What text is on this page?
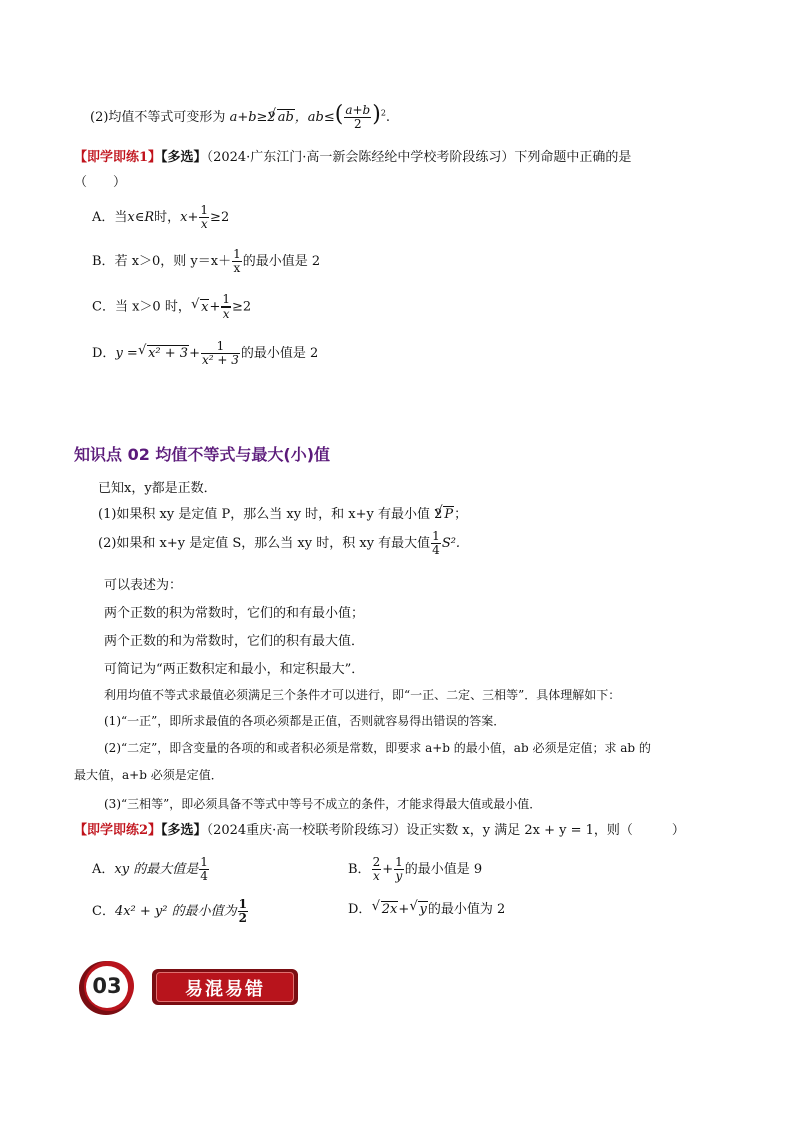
(2)均值不等式可变形为 a+b≥2 √ ab，$ab\le( \frac{a+b}{2} )^2$.
【即学即练1】【多选】（2024·广东江门·高一新会陈经纶中学校考阶段练习）下列命题中正确的是
（　　）
A．当x∈R时，$x+ \frac{1}{x} \ge 2$
B．若 x＞0，则 $y=x+ \frac{1}{x}$ 的最小值是 2
C．当 x＞0 时， √ $x+ \frac{1}{x} \ge 2$
D．y = √ $x^2 + 3+ \frac{1}{\text{x² + 3}}$ 的最小值是 2
知识点 02 均值不等式与最大(小)值
已知x，y都是正数．
(1)如果积 xy 是定值 P，那么当 xy 时，和 x+y 有最小值 2 √ P；
(2)如果和 x+y 是定值 S，那么当 xy 时，积 xy 有最大值 $\frac{1}{4} S^2$.
可以表述为：
两个正数的积为常数时，它们的和有最小值；
两个正数的和为常数时，它们的积有最大值．
可简记为“两正数积定和最小，和定积最大”．
利用均值不等式求最值必须满足三个条件才可以进行，即“一正、二定、三相等”．具体理解如下：
(1)“一正”，即所求最值的各项必须都是正值，否则就容易得出错误的答案．
(2)“二定”，即含变量的各项的和或者积必须是常数，即要求 a+b 的最小值，ab 必须是定值；求 ab 的
最大值，a+b 必须是定值．
(3)“三相等”，即必须具备不等式中等号不成立的条件，才能求得最大值或最小值．
【即学即练2】【多选】（2024重庆·高一校联考阶段练习）设正实数 x，y 满足 2x + y = 1，则（　　　）
A．xy 的最大值是 $\frac{1}{4}$	B． $\frac{2}{x} + \frac{1}{y}$ 的最小值是 9
C．4x² + y² 的最小值为 $\frac{1}{2}$	D． √ 2x+ √ y的最小值为 2
03	易混易错
